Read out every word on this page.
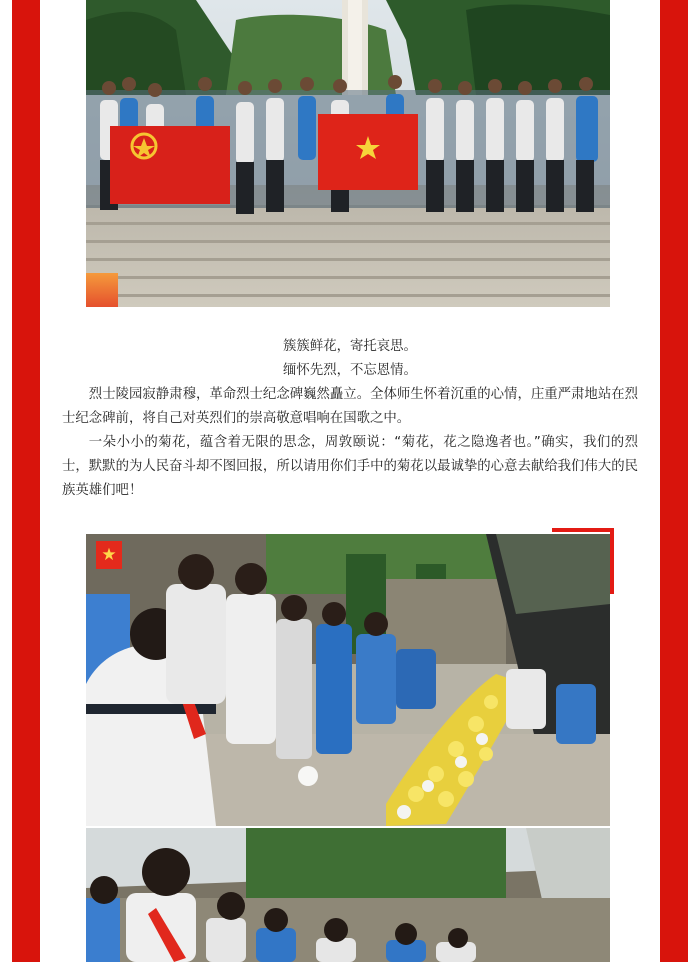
簇簇鲜花，寄托哀思。

缅怀先烈，不忘恩情。

烈士陵园寂静肃穆，革命烈士纪念碑巍然矗立。全体师生怀着沉重的心情，庄重严肃地站在烈士纪念碑前，将自己对英烈们的崇高敬意唱响在国歌之中。

一朵小小的菊花，蕴含着无限的思念，周敦颐说：“菊花，花之隐逸者也。”确实，我们的烈士，默默的为人民奋斗却不图回报，所以请用你们手中的菊花以最诚挚的心意去献给我们伟大的民族英雄们吧！

★
